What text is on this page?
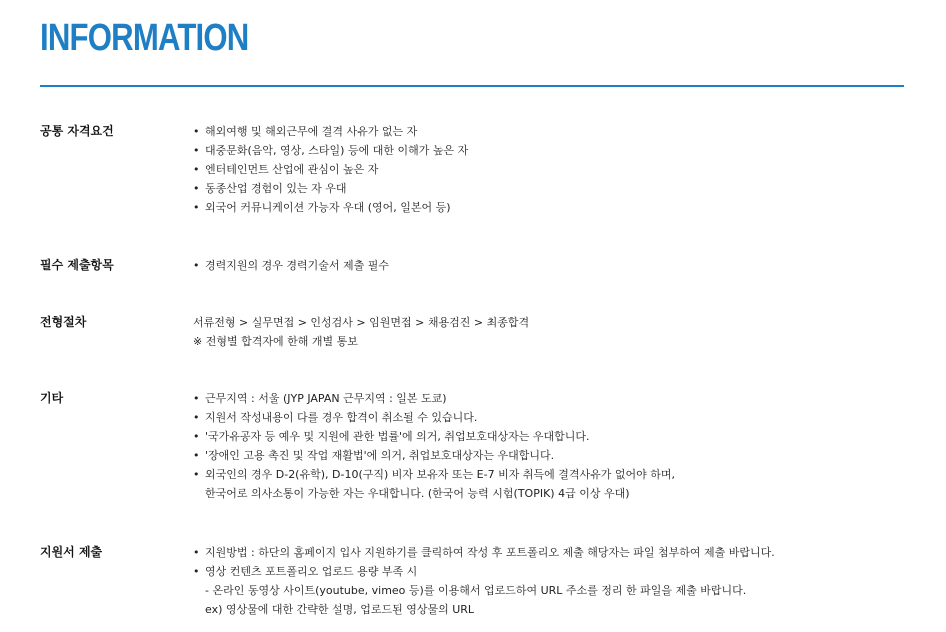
INFORMATION
공통 자격요건	• 해외여행 및 해외근무에 결격 사유가 없는 자
• 대중문화(음악, 영상, 스타일) 등에 대한 이해가 높은 자
• 엔터테인먼트 산업에 관심이 높은 자
• 동종산업 경험이 있는 자 우대
• 외국어 커뮤니케이션 가능자 우대 (영어, 일본어 등)
필수 제출항목	• 경력지원의 경우 경력기술서 제출 필수
전형절차	서류전형 > 실무면접 > 인성검사 > 임원면접 > 채용검진 > 최종합격
※ 전형별 합격자에 한해 개별 통보
기타	• 근무지역 : 서울 (JYP JAPAN 근무지역 : 일본 도쿄)
• 지원서 작성내용이 다를 경우 합격이 취소될 수 있습니다.
• '국가유공자 등 예우 및 지원에 관한 법률'에 의거, 취업보호대상자는 우대합니다.
• '장애인 고용 촉진 및 작업 재활법'에 의거, 취업보호대상자는 우대합니다.
• 외국인의 경우 D-2(유학), D-10(구직) 비자 보유자 또는 E-7 비자 취득에 결격사유가 없어야 하며,
한국어로 의사소통이 가능한 자는 우대합니다. (한국어 능력 시험(TOPIK) 4급 이상 우대)
지원서 제출	• 지원방법 : 하단의 홈페이지 입사 지원하기를 클릭하여 작성 후 포트폴리오 제출 해당자는 파일 첨부하여 제출 바랍니다.
• 영상 컨텐츠 포트폴리오 업로드 용량 부족 시
- 온라인 동영상 사이트(youtube, vimeo 등)를 이용해서 업로드하여 URL 주소를 정리 한 파일을 제출 바랍니다.
ex) 영상물에 대한 간략한 설명, 업로드된 영상물의 URL
